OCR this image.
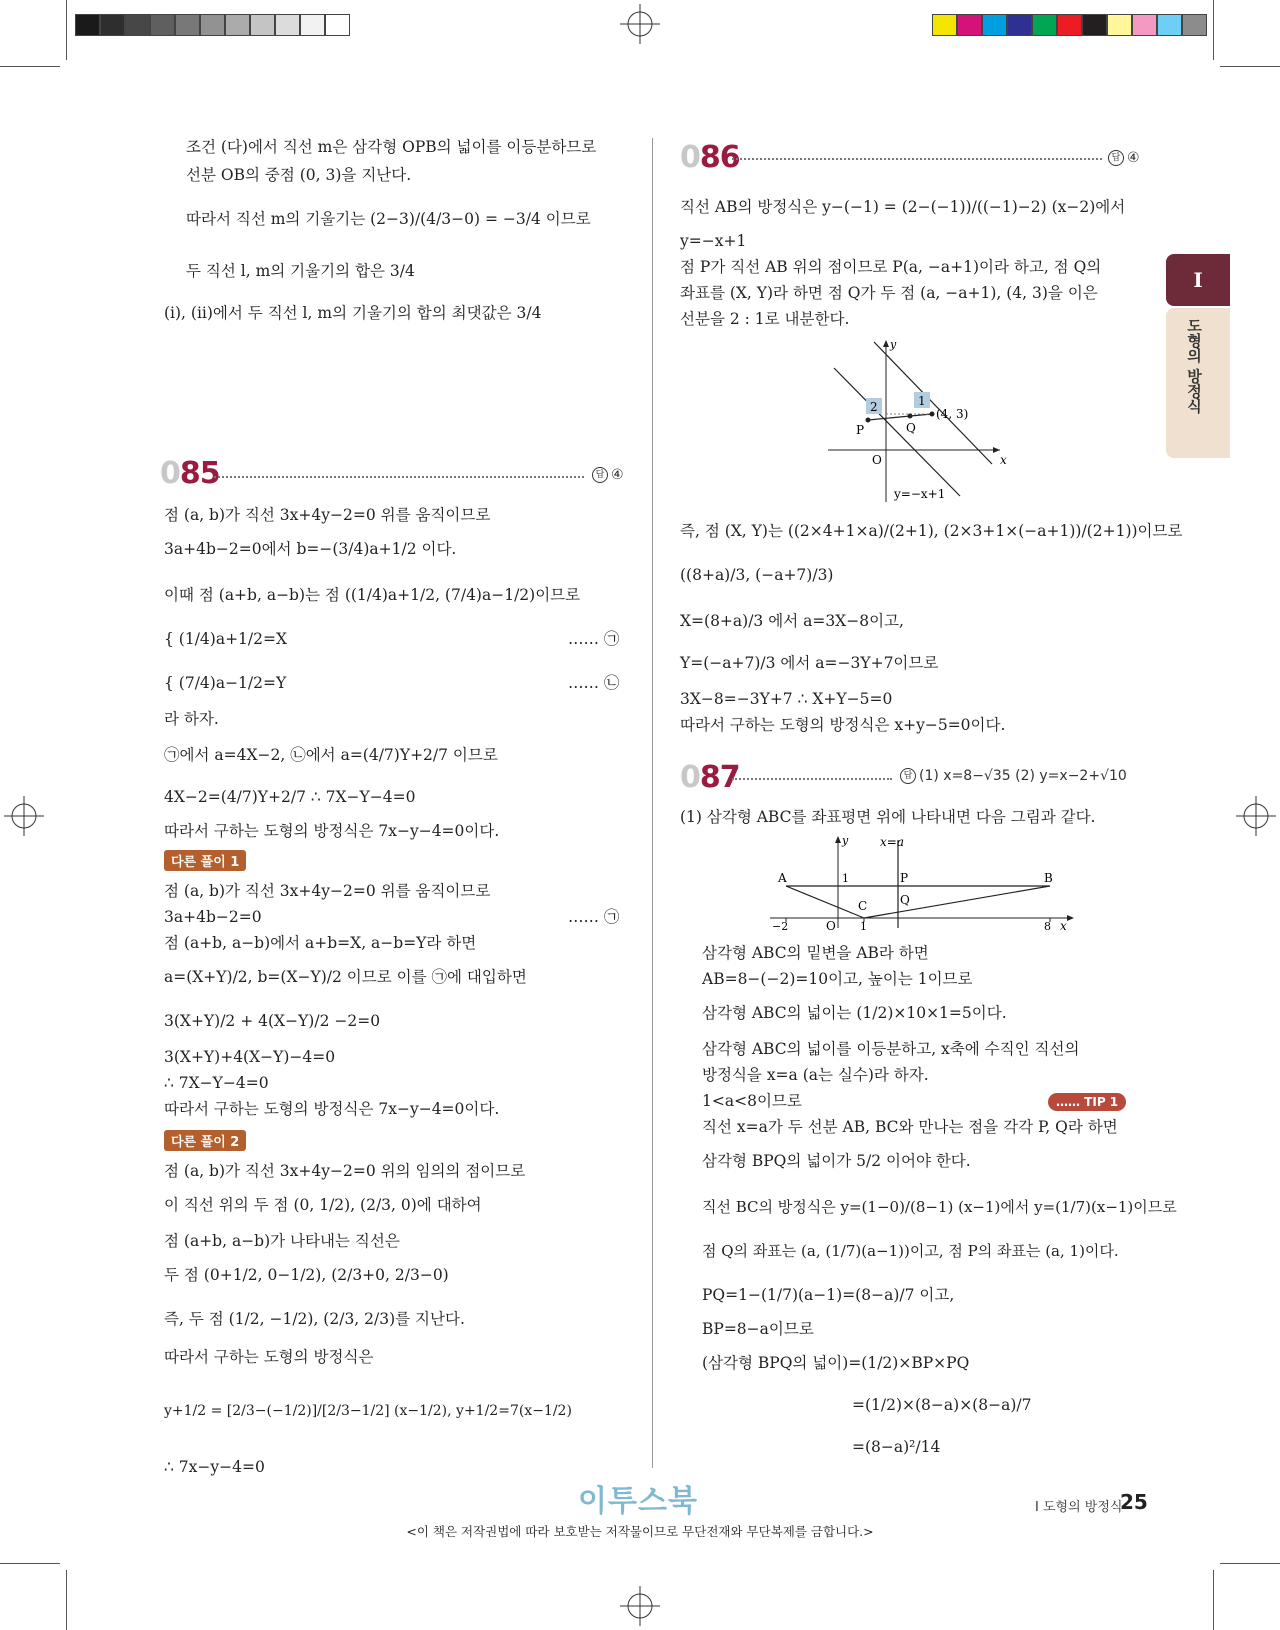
I
도형의 방정식
조건 (다)에서 직선 m은 삼각형 OPB의 넓이를 이등분하므로
선분 OB의 중점 (0, 3)을 지난다.
따라서 직선 m의 기울기는 (2−3)/(4/3−0) = −3/4 이므로
두 직선 l, m의 기울기의 합은 3/4
(i), (ii)에서 두 직선 l, m의 기울기의 합의 최댓값은 3/4
085	답 ④
점 (a, b)가 직선 3x+4y−2=0 위를 움직이므로
3a+4b−2=0에서 b=−(3/4)a+1/2 이다.
이때 점 (a+b, a−b)는 점 ((1/4)a+1/2, (7/4)a−1/2)이므로
{ (1/4)a+1/2=X
{ (7/4)a−1/2=Y
…… ㉠
…… ㉡
라 하자.
㉠에서 a=4X−2, ㉡에서 a=(4/7)Y+2/7 이므로
4X−2=(4/7)Y+2/7 ∴ 7X−Y−4=0
따라서 구하는 도형의 방정식은 7x−y−4=0이다.
다른 풀이 1
점 (a, b)가 직선 3x+4y−2=0 위를 움직이므로
3a+4b−2=0	…… ㉠
점 (a+b, a−b)에서 a+b=X, a−b=Y라 하면
a=(X+Y)/2, b=(X−Y)/2 이므로 이를 ㉠에 대입하면
3(X+Y)/2 + 4(X−Y)/2 −2=0
3(X+Y)+4(X−Y)−4=0
∴ 7X−Y−4=0
따라서 구하는 도형의 방정식은 7x−y−4=0이다.
다른 풀이 2
점 (a, b)가 직선 3x+4y−2=0 위의 임의의 점이므로
이 직선 위의 두 점 (0, 1/2), (2/3, 0)에 대하여
점 (a+b, a−b)가 나타내는 직선은
두 점 (0+1/2, 0−1/2), (2/3+0, 2/3−0)
즉, 두 점 (1/2, −1/2), (2/3, 2/3)를 지난다.
따라서 구하는 도형의 방정식은
y+1/2 = [2/3−(−1/2)]/[2/3−1/2] (x−1/2), y+1/2=7(x−1/2)
∴ 7x−y−4=0
086	답 ④
직선 AB의 방정식은 y−(−1) = (2−(−1))/((−1)−2) (x−2)에서
y=−x+1
점 P가 직선 AB 위의 점이므로 P(a, −a+1)이라 하고, 점 Q의
좌표를 (X, Y)라 하면 점 Q가 두 점 (a, −a+1), (4, 3)을 이은
선분을 2 : 1로 내분한다.
2	1
y
x
O
P	Q
(4, 3)
y=−x+1
즉, 점 (X, Y)는 ((2×4+1×a)/(2+1), (2×3+1×(−a+1))/(2+1))이므로
((8+a)/3, (−a+7)/3)
X=(8+a)/3 에서 a=3X−8이고,
Y=(−a+7)/3 에서 a=−3Y+7이므로
3X−8=−3Y+7 ∴ X+Y−5=0
따라서 구하는 도형의 방정식은 x+y−5=0이다.
087	답 (1) x=8−√35 (2) y=x−2+√10
(1) 삼각형 ABC를 좌표평면 위에 나타내면 다음 그림과 같다.
y
x
x=a
A	B
C
P
Q
O
1
1
−2	8
삼각형 ABC의 밑변을 AB라 하면
AB=8−(−2)=10이고, 높이는 1이므로
삼각형 ABC의 넓이는 (1/2)×10×1=5이다.
삼각형 ABC의 넓이를 이등분하고, x축에 수직인 직선의
방정식을 x=a (a는 실수)라 하자.
1<a<8이므로	…… TIP 1
직선 x=a가 두 선분 AB, BC와 만나는 점을 각각 P, Q라 하면
삼각형 BPQ의 넓이가 5/2 이어야 한다.
직선 BC의 방정식은 y=(1−0)/(8−1) (x−1)에서 y=(1/7)(x−1)이므로
점 Q의 좌표는 (a, (1/7)(a−1))이고, 점 P의 좌표는 (a, 1)이다.
PQ=1−(1/7)(a−1)=(8−a)/7 이고,
BP=8−a이므로
(삼각형 BPQ의 넓이)=(1/2)×BP×PQ
=(1/2)×(8−a)×(8−a)/7
=(8−a)²/14
이투스북	I 도형의 방정식
25
<이 책은 저작권법에 따라 보호받는 저작물이므로 무단전재와 무단복제를 금합니다.>
